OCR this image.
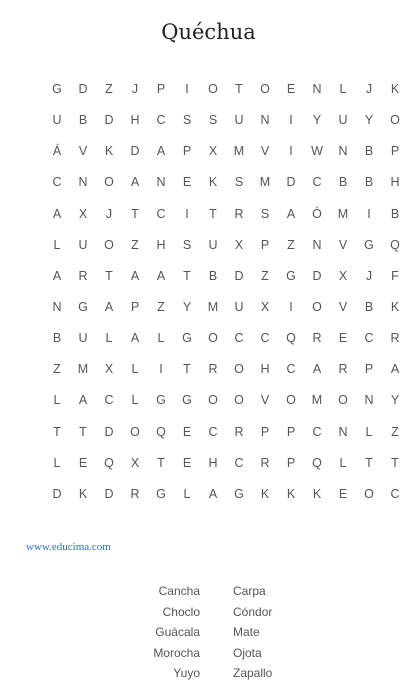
Quéchua
G	D	Z	J	P	I	O	T	O	E	N	L	J	K
U	B	D	H	C	S	S	U	N	I	Y	U	Y	O
Á	V	K	D	A	P	X	M	V	I	W	N	B	P
C	N	O	A	N	E	K	S	M	D	C	B	B	H
A	X	J	T	C	I	T	R	S	A	Ó	M	I	B
L	U	O	Z	H	S	U	X	P	Z	N	V	G	Q
A	R	T	A	A	T	B	D	Z	G	D	X	J	F
N	G	A	P	Z	Y	M	U	X	I	O	V	B	K
B	U	L	A	L	G	O	C	C	Q	R	E	C	R
Z	M	X	L	I	T	R	O	H	C	A	R	P	A
L	A	C	L	G	G	O	O	V	O	M	O	N	Y
T	T	D	O	Q	E	C	R	P	P	C	N	L	Z
L	E	Q	X	T	E	H	C	R	P	Q	L	T	T
D	K	D	R	G	L	A	G	K	K	K	E	O	C
www.educima.com
Cancha	Carpa
Choclo	Cóndor
Guácala	Mate
Morocha	Ojota
Yuyo	Zapallo
